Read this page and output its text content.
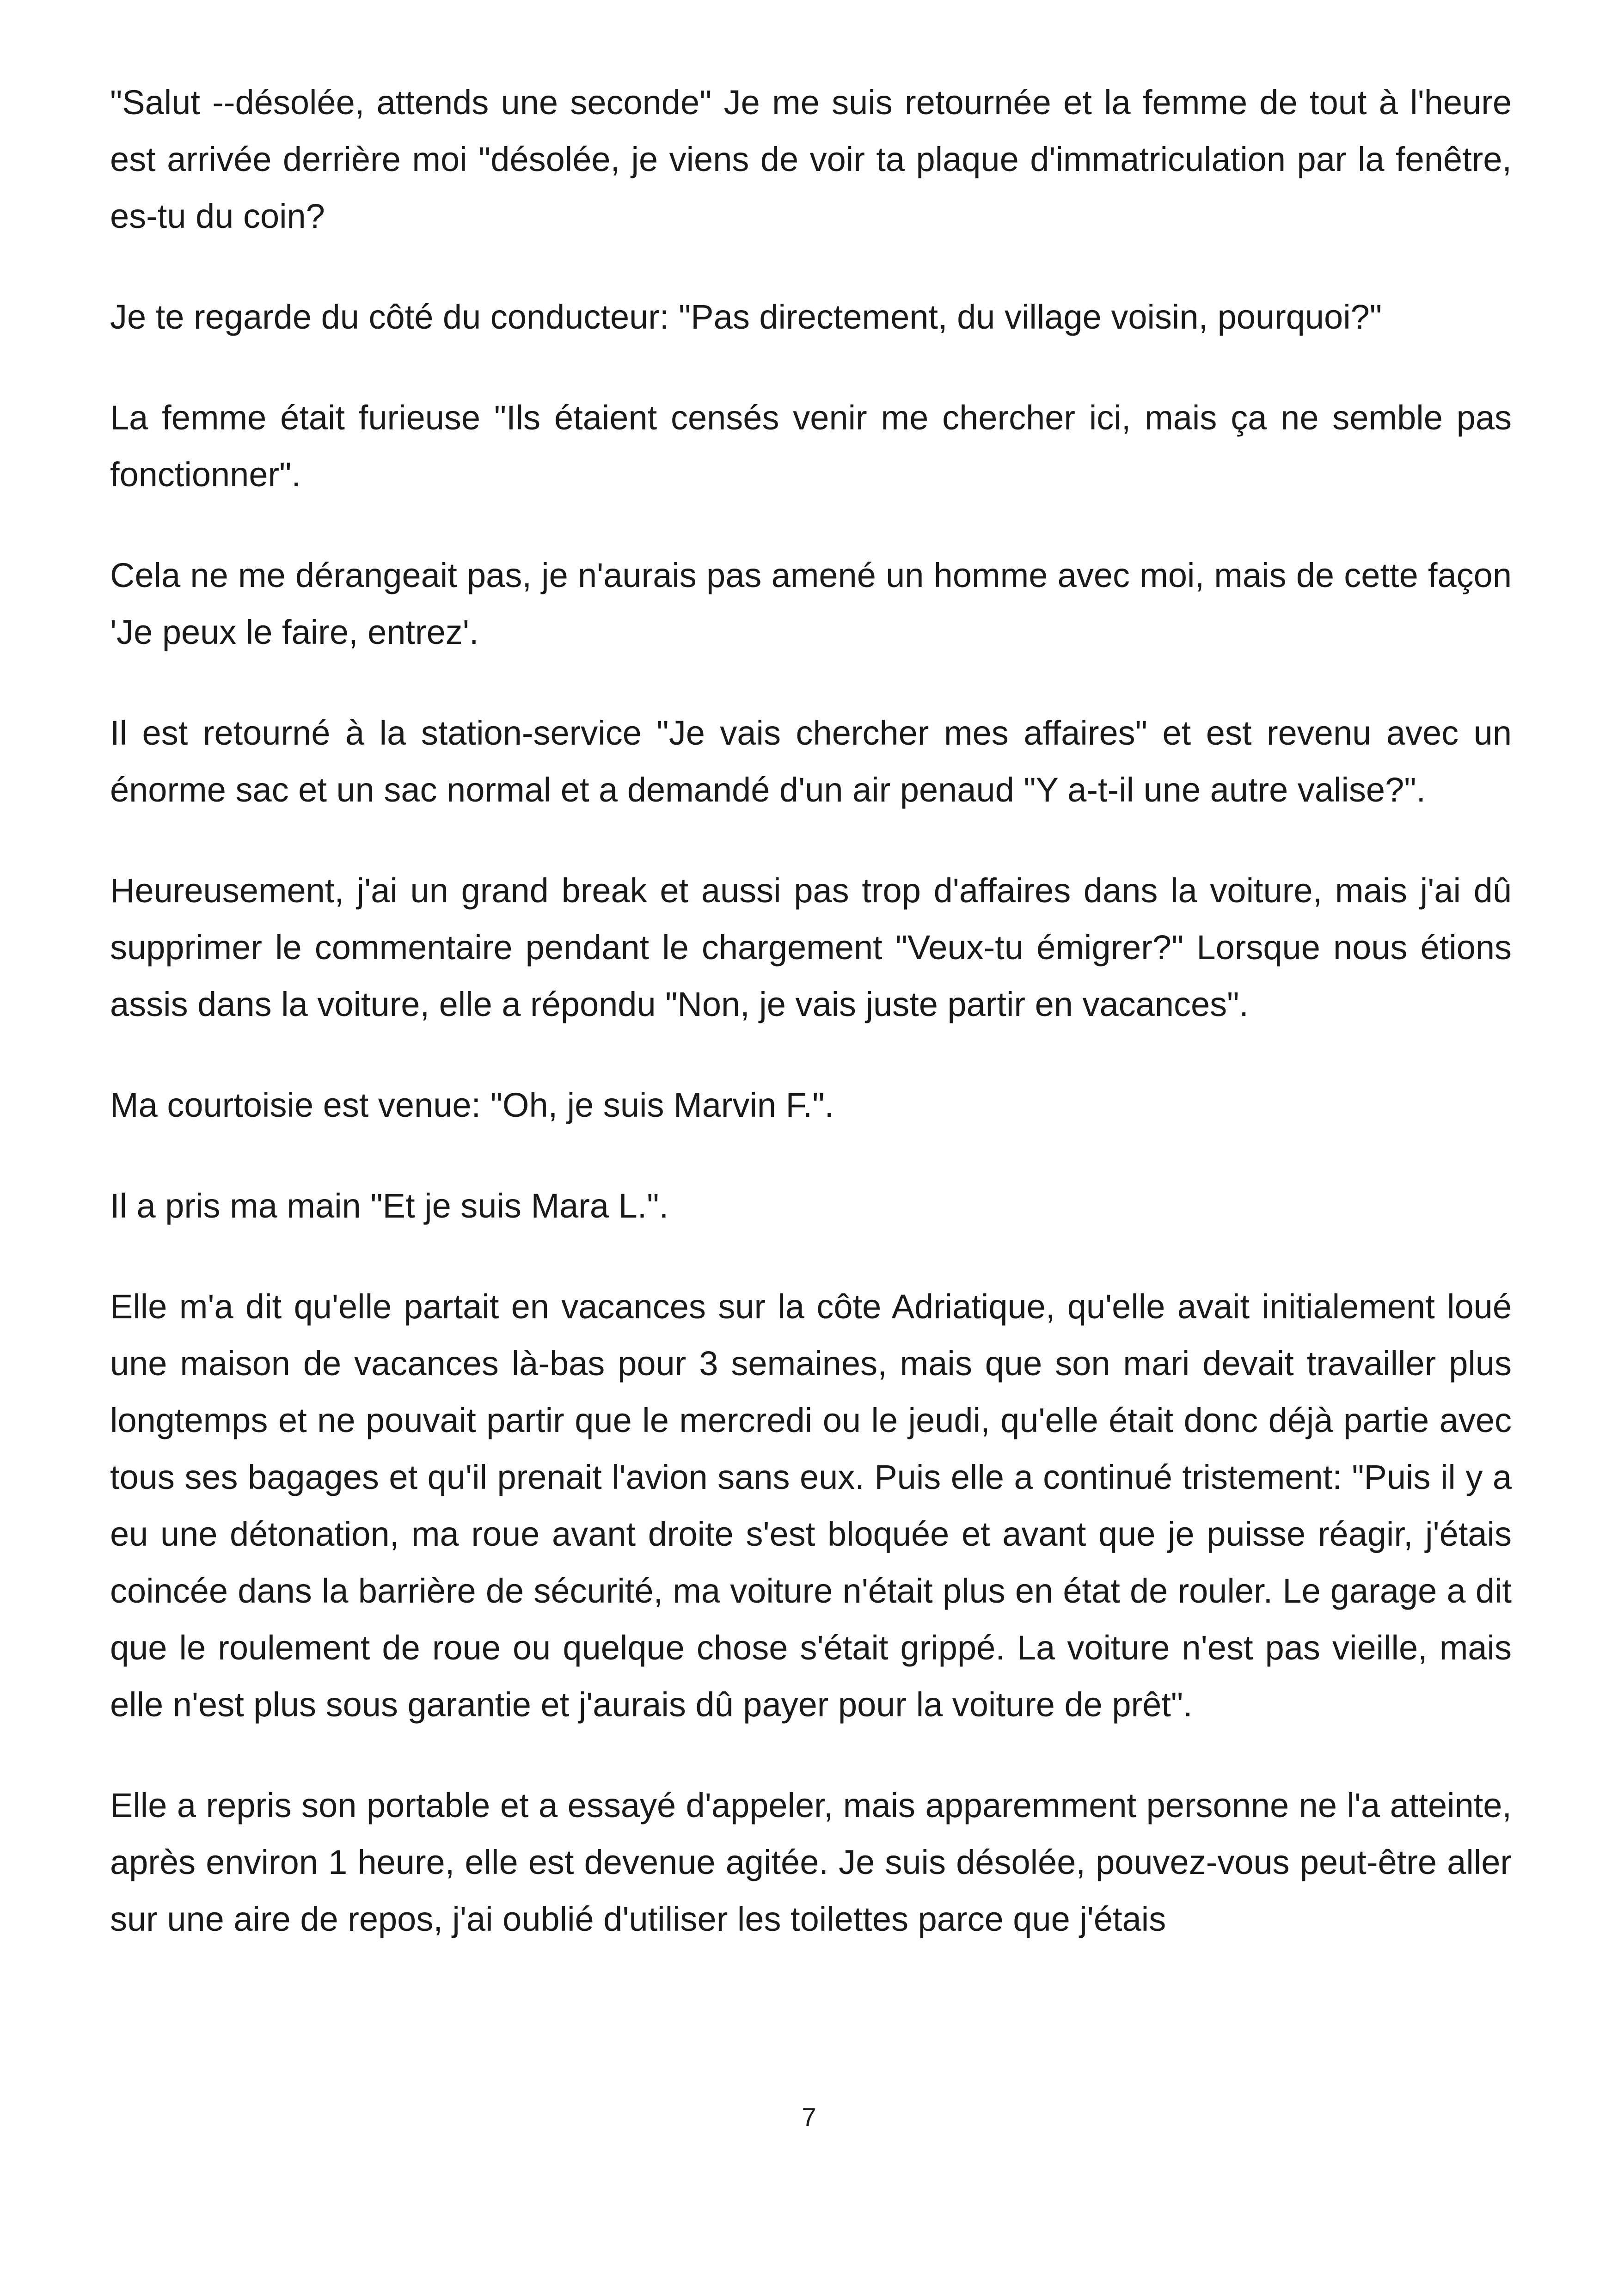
"Salut --désolée, attends une seconde" Je me suis retournée et la femme de tout à l'heure est arrivée derrière moi "désolée, je viens de voir ta plaque d'immatriculation par la fenêtre, es-tu du coin?

Je te regarde du côté du conducteur: "Pas directement, du village voisin, pourquoi?"

La femme était furieuse "Ils étaient censés venir me chercher ici, mais ça ne semble pas fonctionner".

Cela ne me dérangeait pas, je n'aurais pas amené un homme avec moi, mais de cette façon 'Je peux le faire, entrez'.

Il est retourné à la station-service "Je vais chercher mes affaires" et est revenu avec un énorme sac et un sac normal et a demandé d'un air penaud "Y a-t-il une autre valise?".

Heureusement, j'ai un grand break et aussi pas trop d'affaires dans la voiture, mais j'ai dû supprimer le commentaire pendant le chargement "Veux-tu émigrer?" Lorsque nous étions assis dans la voiture, elle a répondu "Non, je vais juste partir en vacances".

Ma courtoisie est venue: "Oh, je suis Marvin F.".

Il a pris ma main "Et je suis Mara L.".

Elle m'a dit qu'elle partait en vacances sur la côte Adriatique, qu'elle avait initialement loué une maison de vacances là-bas pour 3 semaines, mais que son mari devait travailler plus longtemps et ne pouvait partir que le mercredi ou le jeudi, qu'elle était donc déjà partie avec tous ses bagages et qu'il prenait l'avion sans eux. Puis elle a continué tristement: "Puis il y a eu une détonation, ma roue avant droite s'est bloquée et avant que je puisse réagir, j'étais coincée dans la barrière de sécurité, ma voiture n'était plus en état de rouler. Le garage a dit que le roulement de roue ou quelque chose s'était grippé. La voiture n'est pas vieille, mais elle n'est plus sous garantie et j'aurais dû payer pour la voiture de prêt".

Elle a repris son portable et a essayé d'appeler, mais apparemment personne ne l'a atteinte, après environ 1 heure, elle est devenue agitée. Je suis désolée, pouvez-vous peut-être aller sur une aire de repos, j'ai oublié d'utiliser les toilettes parce que j'étais

7
